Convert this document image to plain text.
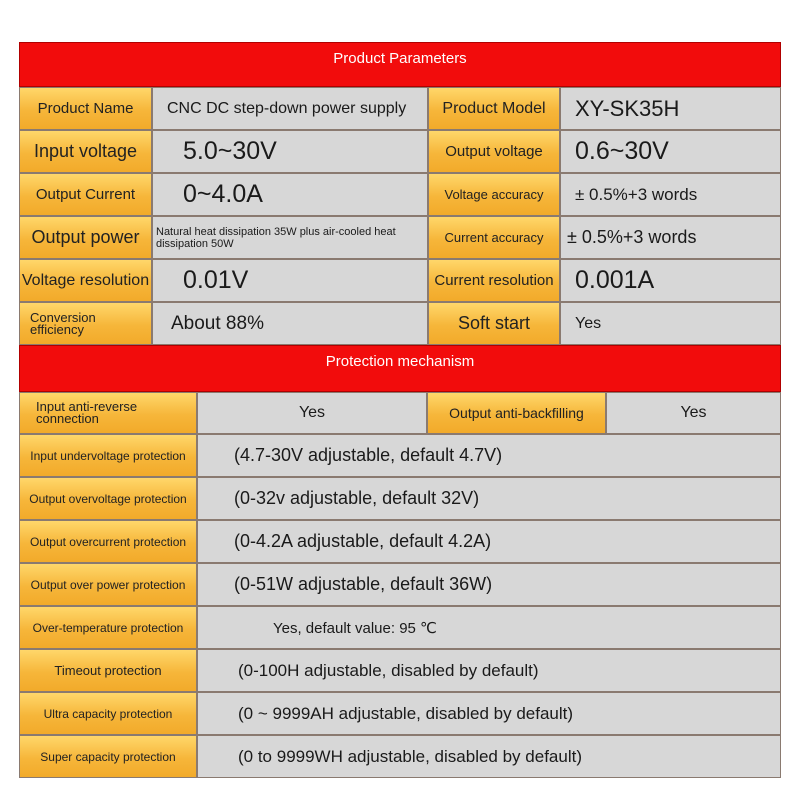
Product Parameters
Product Name	CNC DC step-down power supply	Product Model	XY-SK35H
Input voltage	5.0~30V	Output voltage	0.6~30V
Output Current	0~4.0A	Voltage accuracy	± 0.5%+3 words
Output power	Natural heat dissipation 35W plus air-cooled heat dissipation 50W	Current accuracy	± 0.5%+3 words
Voltage resolution	0.01V	Current resolution 0.001A
Conversion efficiency	About 88%	Soft start	Yes
Protection mechanism
Input anti-reverse connection	Yes	Output anti-backfilling	Yes
Input undervoltage protection	(4.7-30V adjustable, default 4.7V)
Output overvoltage protection	(0-32v adjustable, default 32V)
Output overcurrent protection	(0-4.2A adjustable, default 4.2A)
Output over power protection	(0-51W adjustable, default 36W)
Over-temperature protection	Yes, default value: 95 ℃
Timeout protection	(0-100H adjustable, disabled by default)
Ultra capacity protection	(0 ~ 9999AH adjustable, disabled by default)
Super capacity protection	(0 to 9999WH adjustable, disabled by default)
